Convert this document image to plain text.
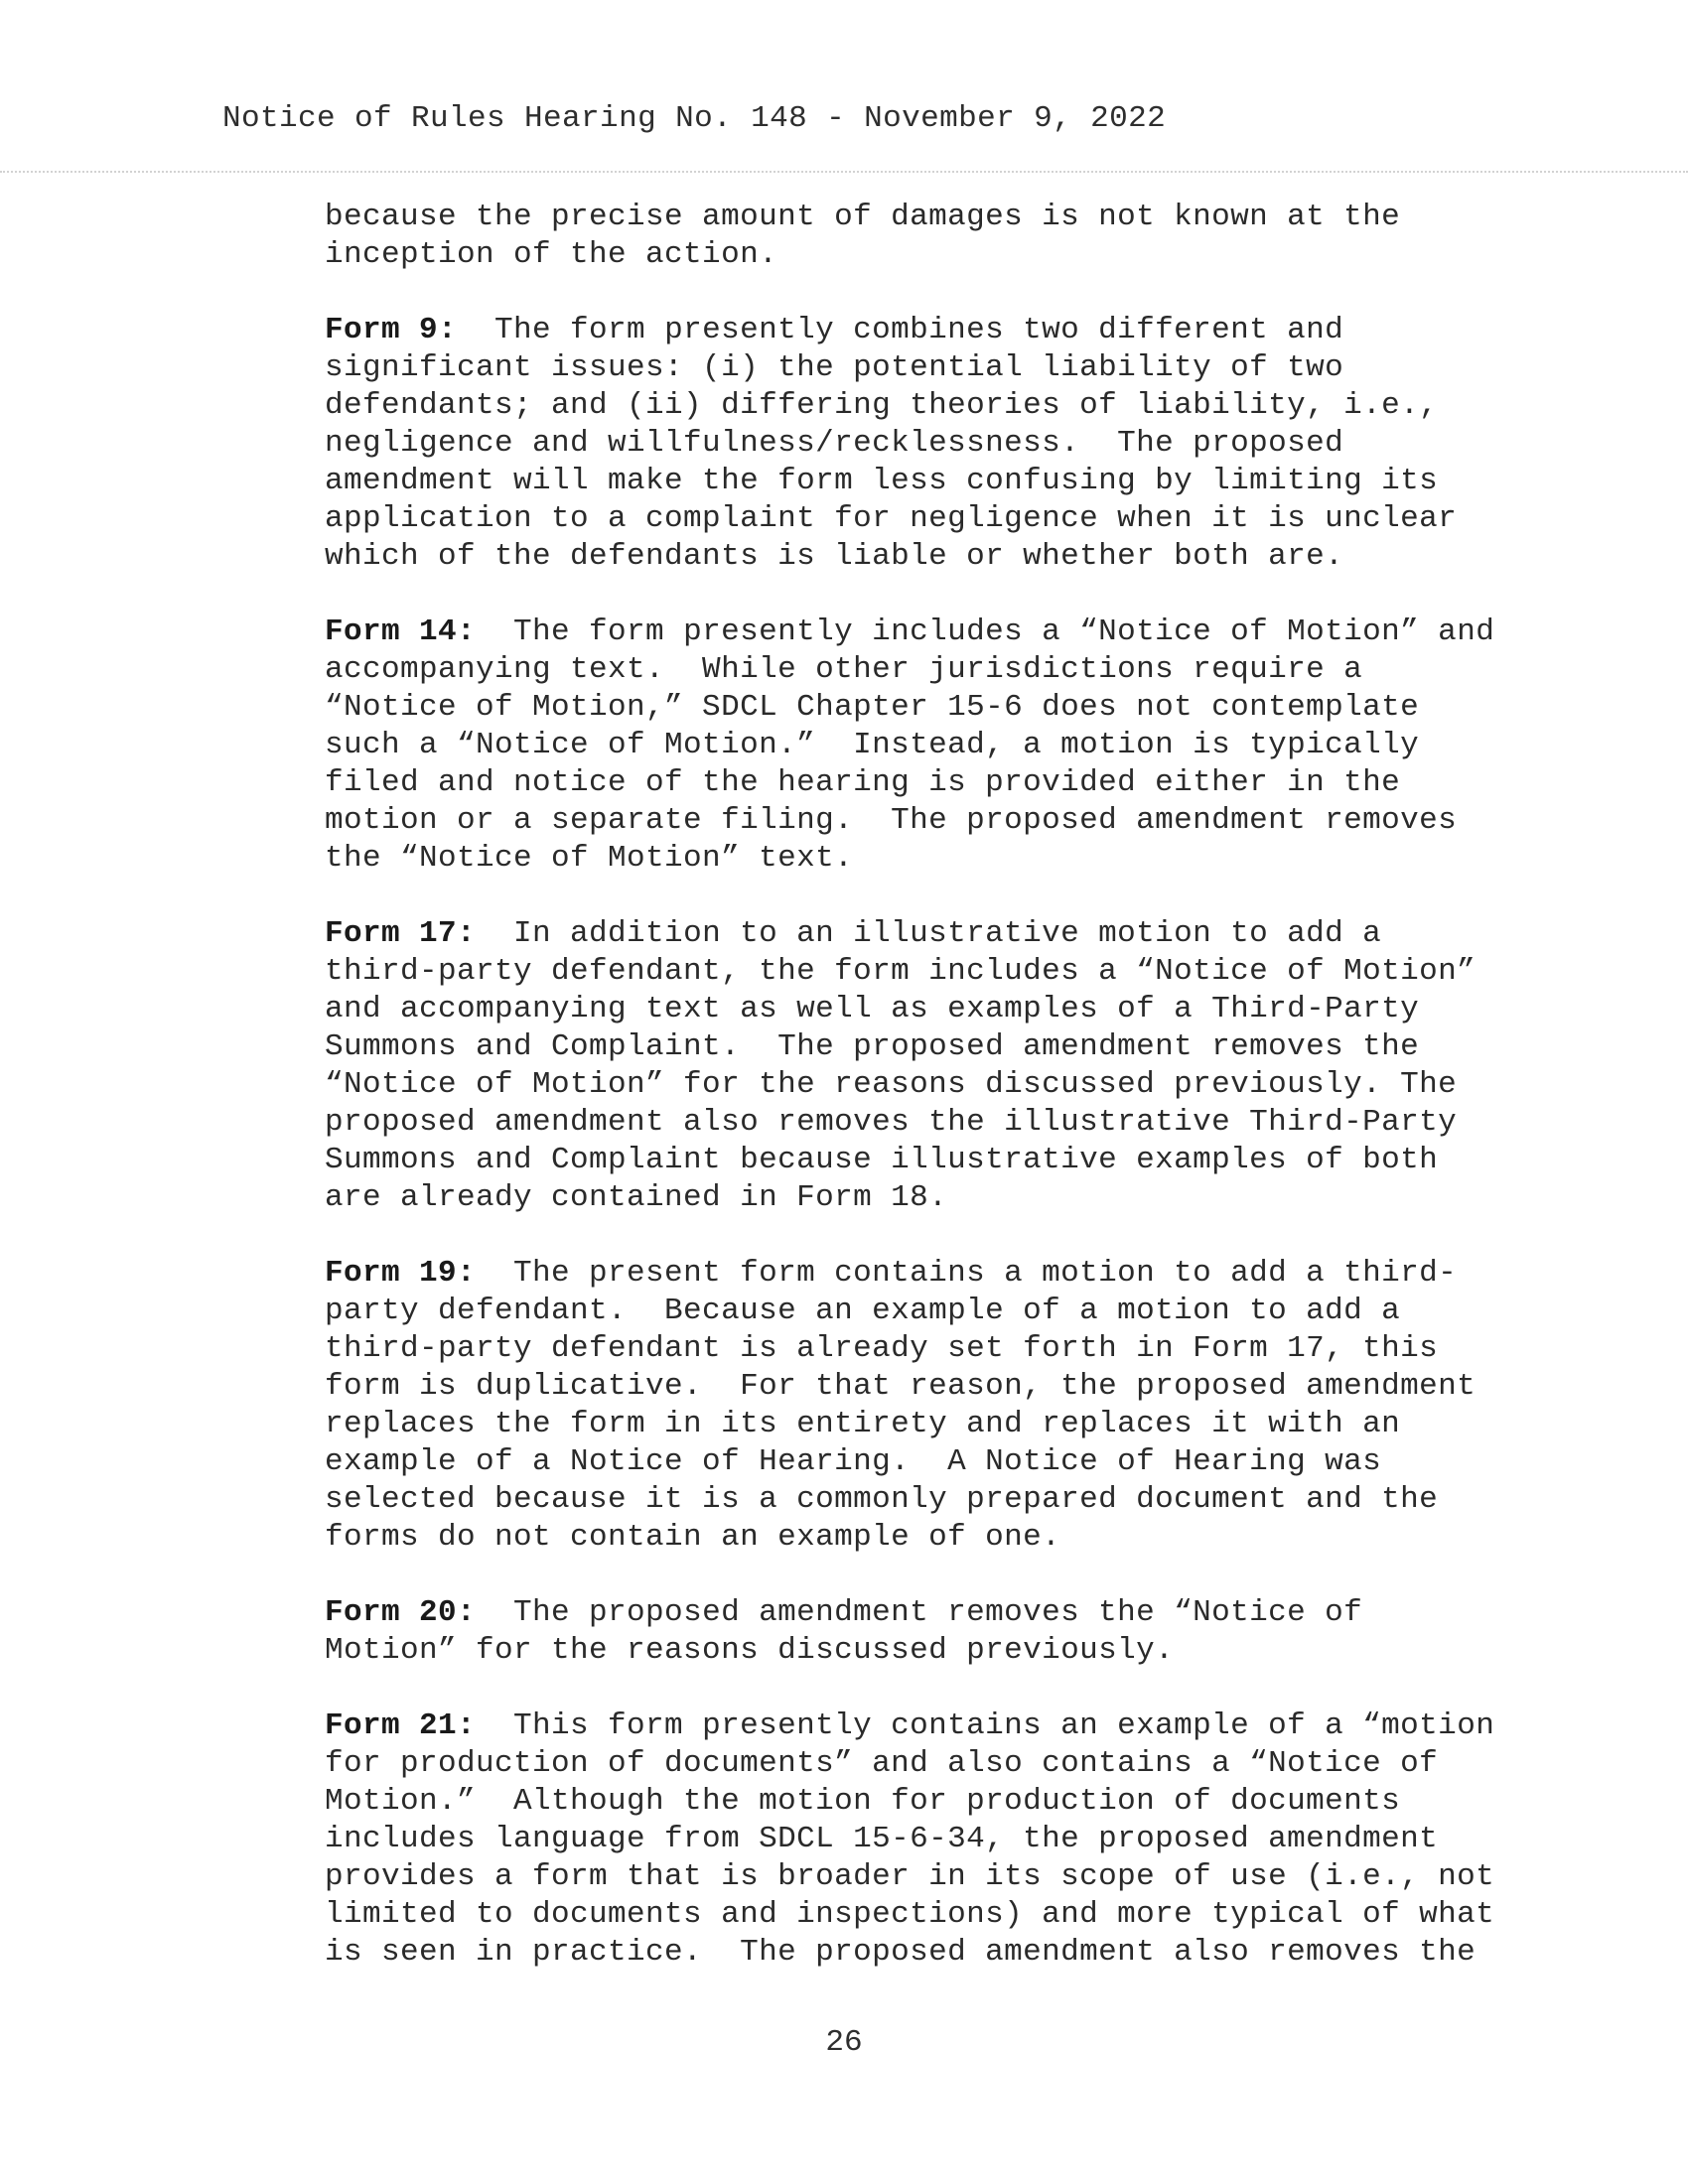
Notice of Rules Hearing No. 148 - November 9, 2022
because the precise amount of damages is not known at the
inception of the action.
Form 9:  The form presently combines two different and
significant issues: (i) the potential liability of two
defendants; and (ii) differing theories of liability, i.e.,
negligence and willfulness/recklessness.  The proposed
amendment will make the form less confusing by limiting its
application to a complaint for negligence when it is unclear
which of the defendants is liable or whether both are.
Form 14:  The form presently includes a “Notice of Motion” and
accompanying text.  While other jurisdictions require a
“Notice of Motion,” SDCL Chapter 15-6 does not contemplate
such a “Notice of Motion.”  Instead, a motion is typically
filed and notice of the hearing is provided either in the
motion or a separate filing.  The proposed amendment removes
the “Notice of Motion” text.
Form 17:  In addition to an illustrative motion to add a
third-party defendant, the form includes a “Notice of Motion”
and accompanying text as well as examples of a Third-Party
Summons and Complaint.  The proposed amendment removes the
“Notice of Motion” for the reasons discussed previously. The
proposed amendment also removes the illustrative Third-Party
Summons and Complaint because illustrative examples of both
are already contained in Form 18.
Form 19:  The present form contains a motion to add a third-
party defendant.  Because an example of a motion to add a
third-party defendant is already set forth in Form 17, this
form is duplicative.  For that reason, the proposed amendment
replaces the form in its entirety and replaces it with an
example of a Notice of Hearing.  A Notice of Hearing was
selected because it is a commonly prepared document and the
forms do not contain an example of one.
Form 20:  The proposed amendment removes the “Notice of
Motion” for the reasons discussed previously.
Form 21:  This form presently contains an example of a “motion
for production of documents” and also contains a “Notice of
Motion.”  Although the motion for production of documents
includes language from SDCL 15-6-34, the proposed amendment
provides a form that is broader in its scope of use (i.e., not
limited to documents and inspections) and more typical of what
is seen in practice.  The proposed amendment also removes the
26
